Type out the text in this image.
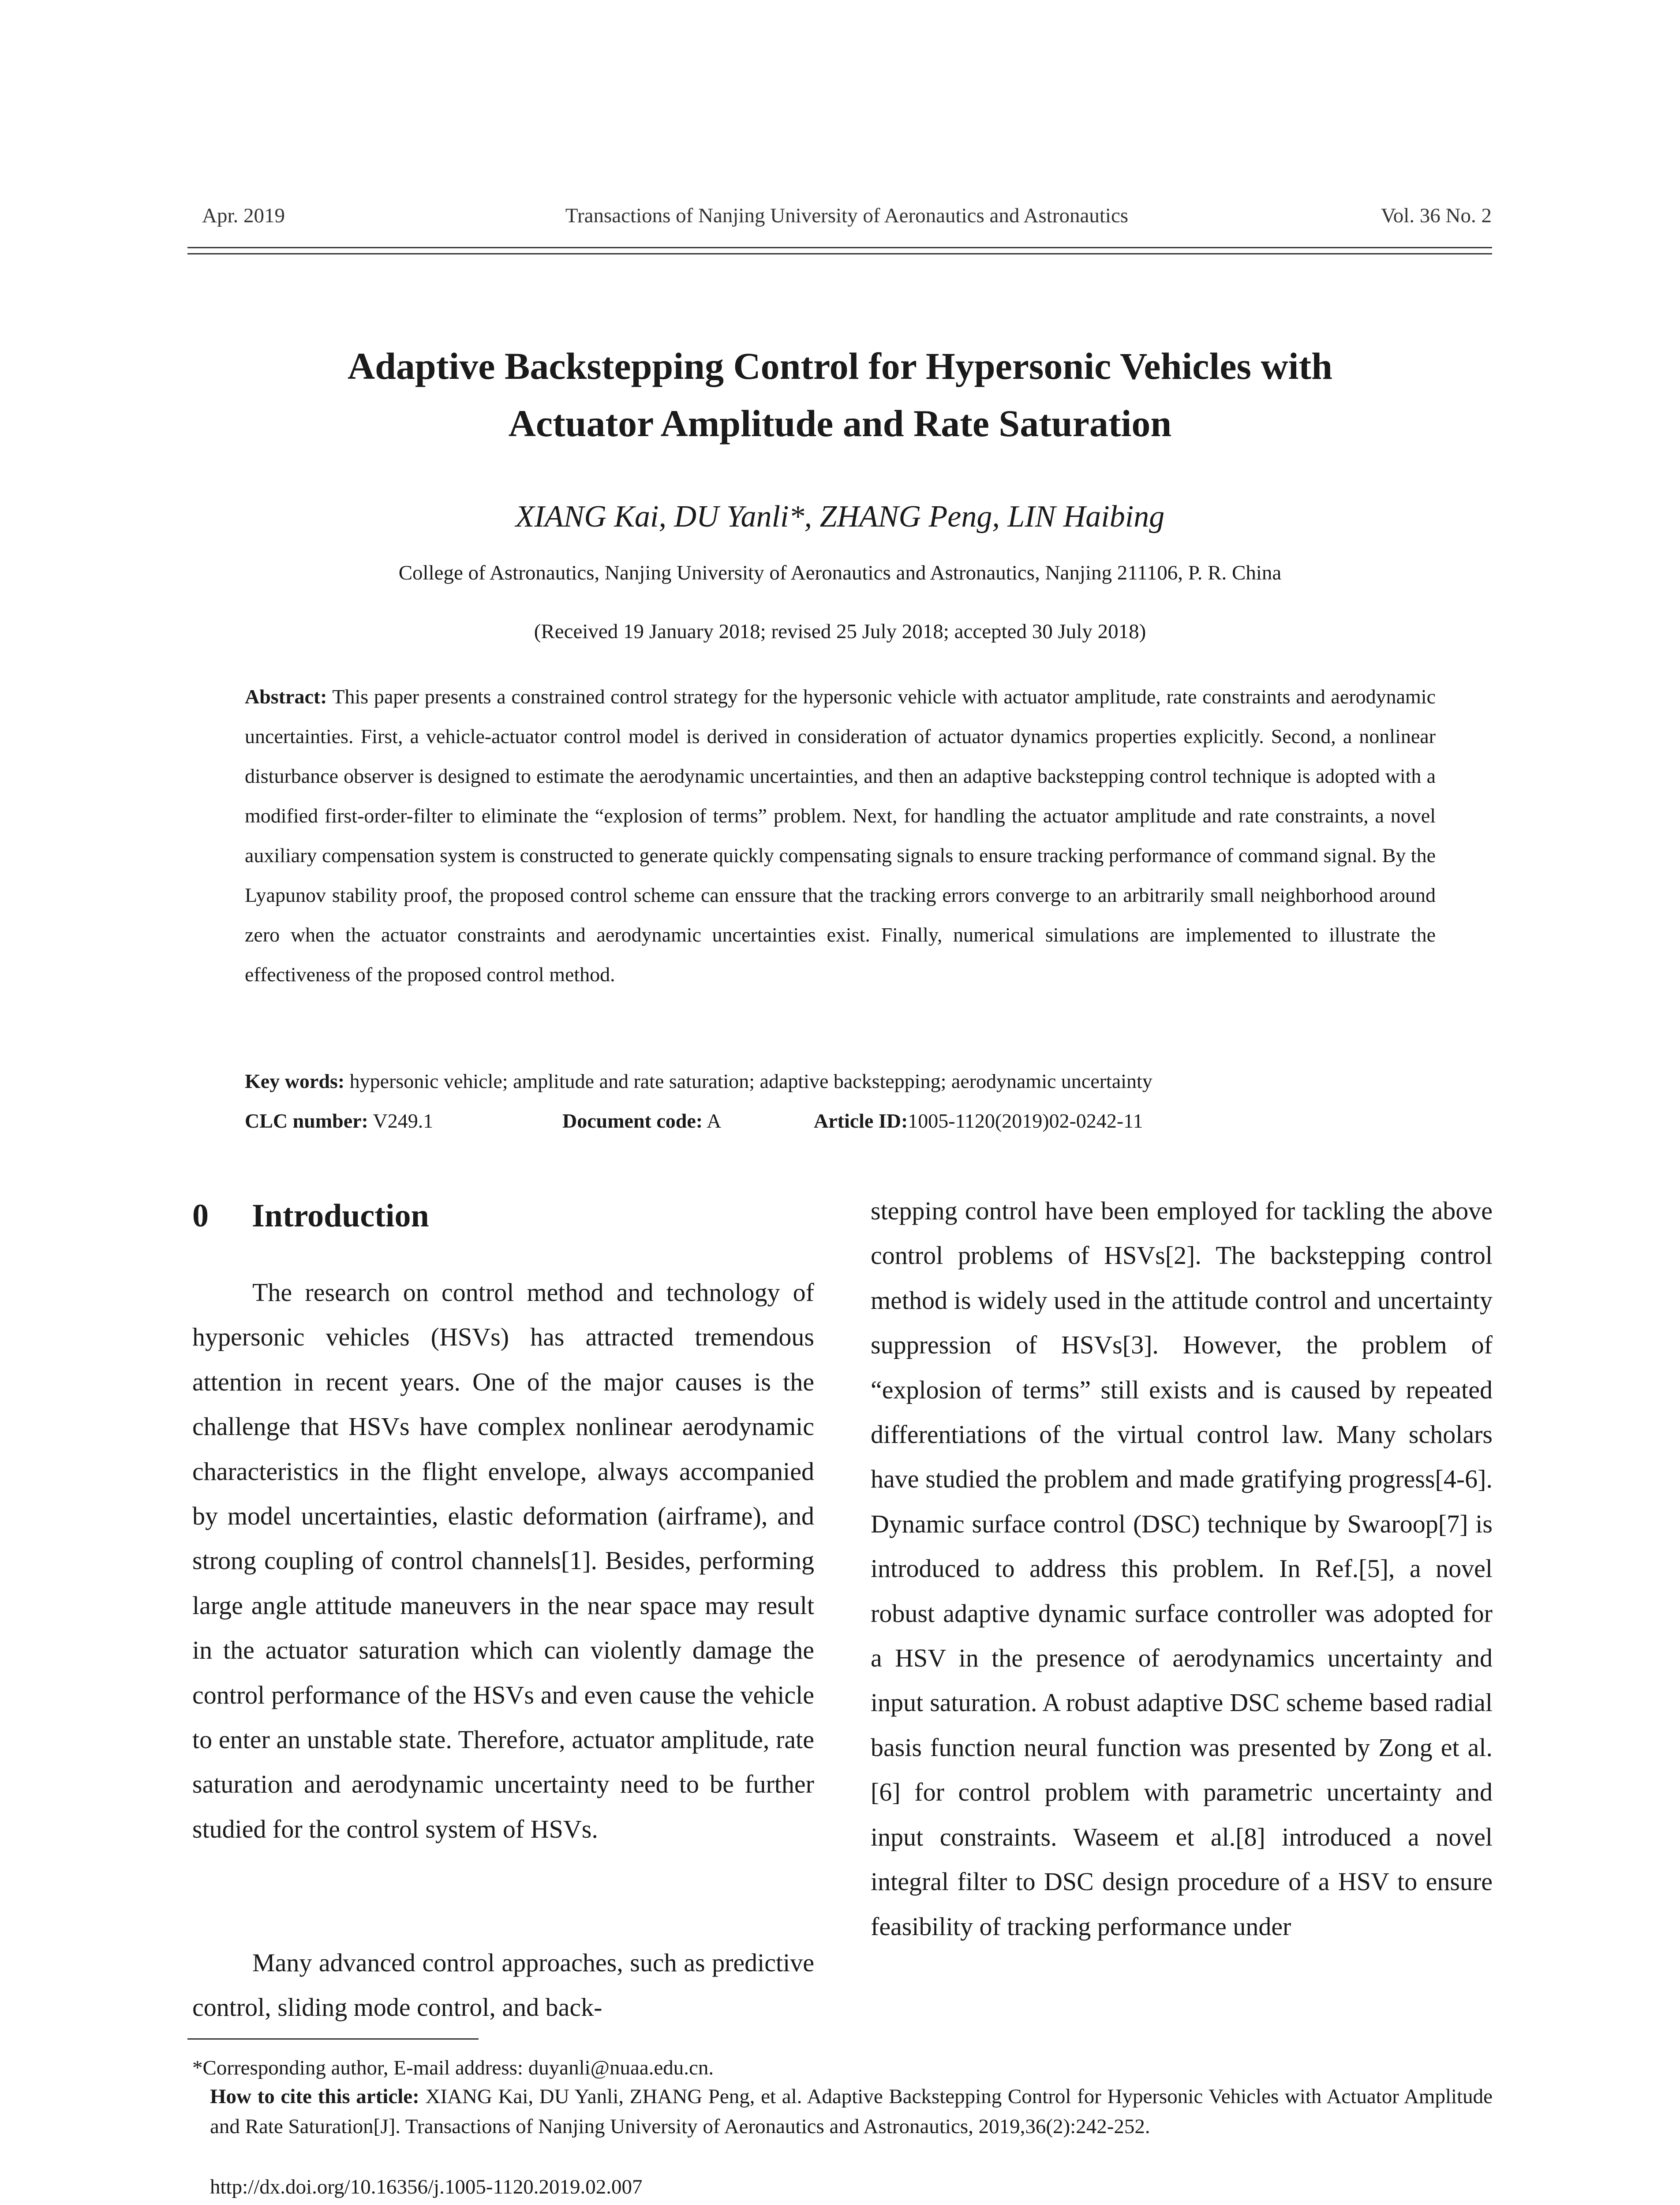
Apr. 2019	Transactions of Nanjing University of Aeronautics and Astronautics	Vol. 36 No. 2
Adaptive Backstepping Control for Hypersonic Vehicles with
Actuator Amplitude and Rate Saturation
XIANG Kai, DU Yanli*, ZHANG Peng, LIN Haibing
College of Astronautics, Nanjing University of Aeronautics and Astronautics, Nanjing 211106, P. R. China
(Received 19 January 2018; revised 25 July 2018; accepted 30 July 2018)
Abstract: This paper presents a constrained control strategy for the hypersonic vehicle with actuator amplitude, rate constraints and aerodynamic uncertainties. First, a vehicle-actuator control model is derived in consideration of actuator dynamics properties explicitly. Second, a nonlinear disturbance observer is designed to estimate the aerodynamic uncertainties, and then an adaptive backstepping control technique is adopted with a modified first-order-filter to eliminate the “explosion of terms” problem. Next, for handling the actuator amplitude and rate constraints, a novel auxiliary compensation system is constructed to generate quickly compensating signals to ensure tracking performance of command signal. By the Lyapunov stability proof, the proposed control scheme can enssure that the tracking errors converge to an arbitrarily small neighborhood around zero when the actuator constraints and aerodynamic uncertainties exist. Finally, numerical simulations are implemented to illustrate the effectiveness of the proposed control method.
Key words: hypersonic vehicle; amplitude and rate saturation; adaptive backstepping; aerodynamic uncertainty
CLC number: V249.1	Document code: A	Article ID:1005-1120(2019)02-0242-11
0 Introduction
The research on control method and technology of hypersonic vehicles (HSVs) has attracted tremendous attention in recent years. One of the major causes is the challenge that HSVs have complex nonlinear aerodynamic characteristics in the flight envelope, always accompanied by model uncertainties, elastic deformation (airframe), and strong coupling of control channels[1]. Besides, performing large angle attitude maneuvers in the near space may result in the actuator saturation which can violently damage the control performance of the HSVs and even cause the vehicle to enter an unstable state. Therefore, actuator amplitude, rate saturation and aerodynamic uncertainty need to be further studied for the control system of HSVs.
Many advanced control approaches, such as predictive control, sliding mode control, and back-
stepping control have been employed for tackling the above control problems of HSVs[2]. The backstepping control method is widely used in the attitude control and uncertainty suppression of HSVs[3]. However, the problem of “explosion of terms” still exists and is caused by repeated differentiations of the virtual control law. Many scholars have studied the problem and made gratifying progress[4-6]. Dynamic surface control (DSC) technique by Swaroop[7] is introduced to address this problem. In Ref.[5], a novel robust adaptive dynamic surface controller was adopted for a HSV in the presence of aerodynamics uncertainty and input saturation. A robust adaptive DSC scheme based radial basis function neural function was presented by Zong et al.[6] for control problem with parametric uncertainty and input constraints. Waseem et al.[8] introduced a novel integral filter to DSC design procedure of a HSV to ensure feasibility of tracking performance under
*Corresponding author, E-mail address: duyanli@nuaa.edu.cn.
How to cite this article: XIANG Kai, DU Yanli, ZHANG Peng, et al. Adaptive Backstepping Control for Hypersonic Vehicles with Actuator Amplitude and Rate Saturation[J]. Transactions of Nanjing University of Aeronautics and Astronautics, 2019,36(2):242-252.
http://dx.doi.org/10.16356/j.1005-1120.2019.02.007
